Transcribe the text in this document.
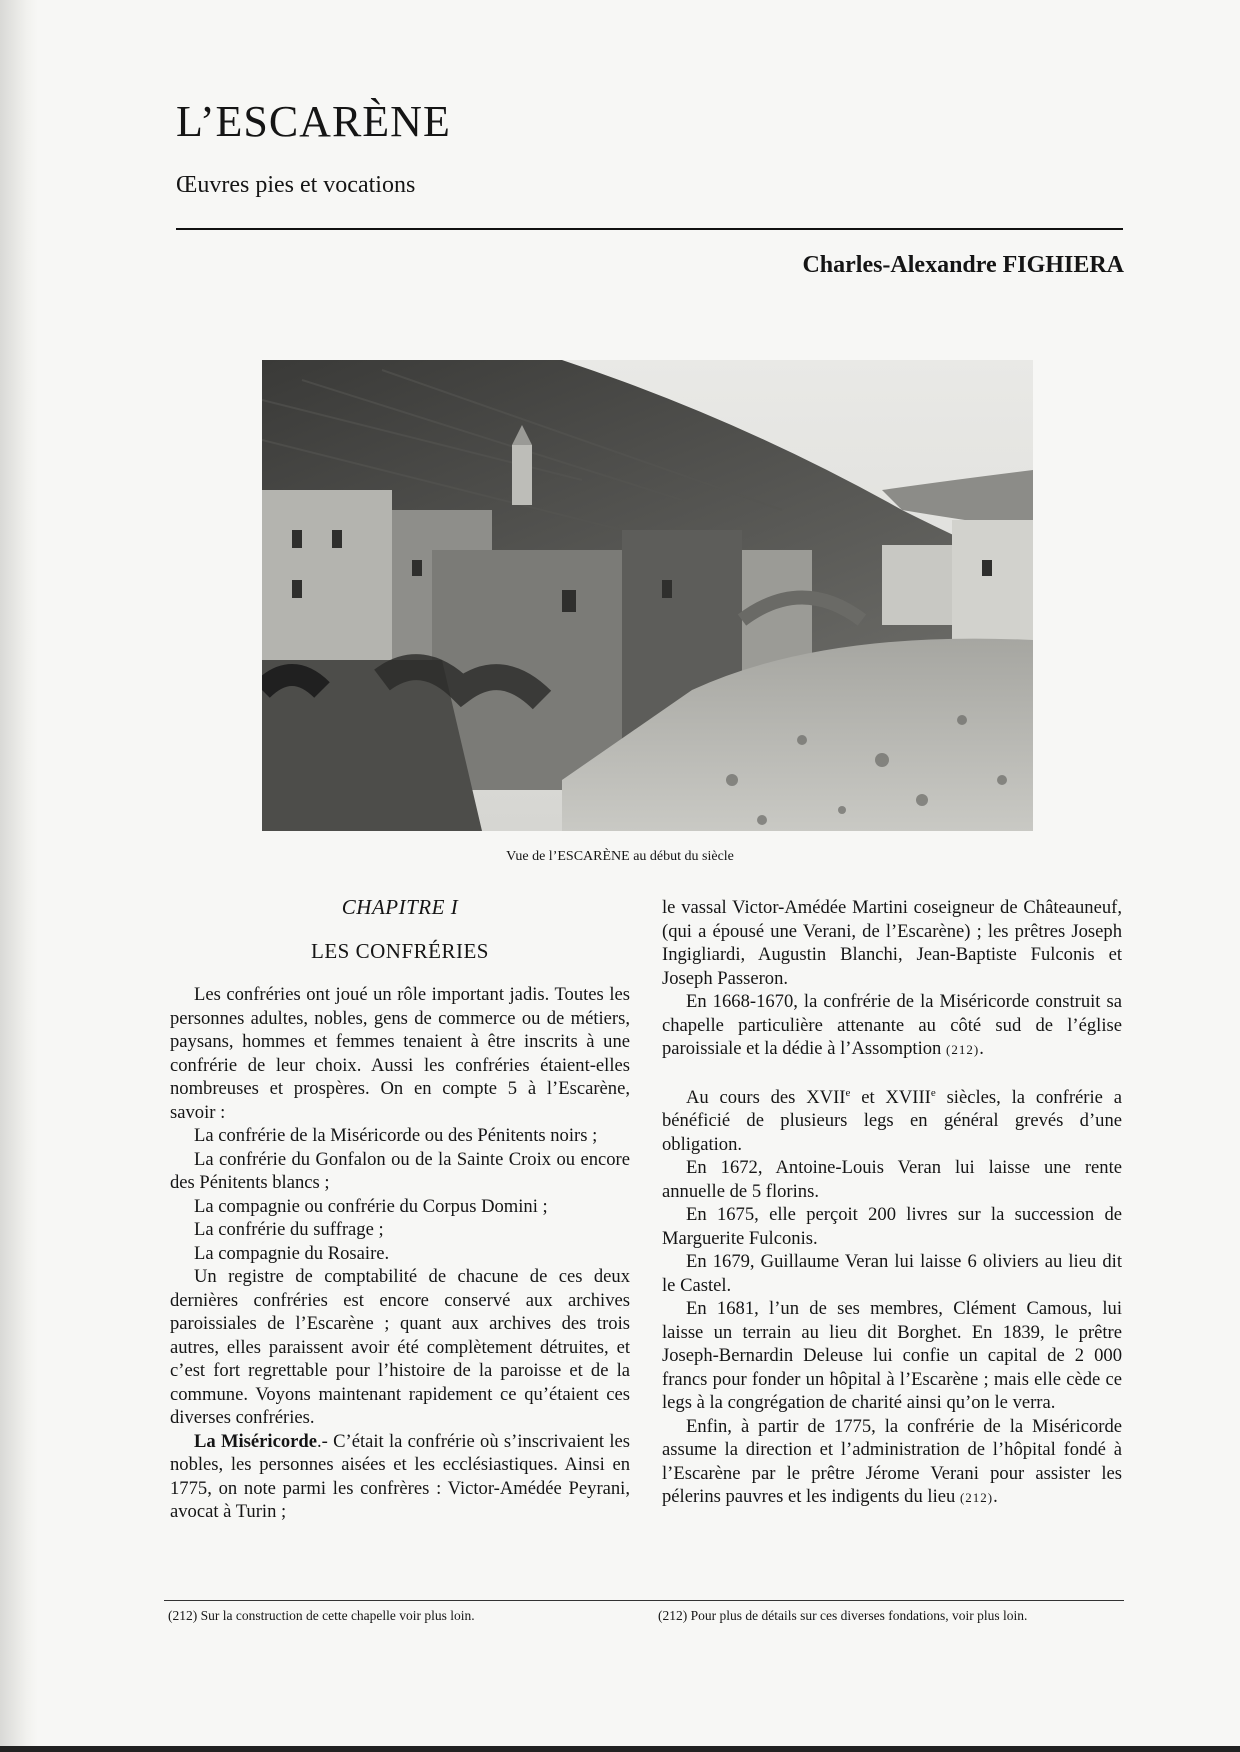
L’ESCARÈNE

Œuvres pies et vocations

Charles-Alexandre FIGHIERA

Vue de l’ESCARÈNE au début du siècle

CHAPITRE I

LES CONFRÉRIES

Les confréries ont joué un rôle important jadis. Toutes les personnes adultes, nobles, gens de commerce ou de métiers, paysans, hommes et femmes tenaient à être inscrits à une confrérie de leur choix. Aussi les confréries étaient-elles nombreuses et prospères. On en compte 5 à l’Escarène, savoir :

La confrérie de la Miséricorde ou des Pénitents noirs ;

La confrérie du Gonfalon ou de la Sainte Croix ou encore des Pénitents blancs ;

La compagnie ou confrérie du Corpus Domini ;

La confrérie du suffrage ;

La compagnie du Rosaire.

Un registre de comptabilité de chacune de ces deux dernières confréries est encore conservé aux archives paroissiales de l’Escarène ; quant aux archives des trois autres, elles paraissent avoir été complètement détruites, et c’est fort regrettable pour l’histoire de la paroisse et de la commune. Voyons maintenant rapidement ce qu’étaient ces diverses confréries.

La Miséricorde.- C’était la confrérie où s’inscrivaient les nobles, les personnes aisées et les ecclésiastiques. Ainsi en 1775, on note parmi les confrères : Victor-Amédée Peyrani, avocat à Turin ;

le vassal Victor-Amédée Martini coseigneur de Châteauneuf, (qui a épousé une Verani, de l’Escarène) ; les prêtres Joseph Ingigliardi, Augustin Blanchi, Jean-Baptiste Fulconis et Joseph Passeron.

En 1668-1670, la confrérie de la Miséricorde construit sa chapelle particulière attenante au côté sud de l’église paroissiale et la dédie à l’Assomption (212).

Au cours des XVIIe et XVIIIe siècles, la confrérie a bénéficié de plusieurs legs en général grevés d’une obligation.

En 1672, Antoine-Louis Veran lui laisse une rente annuelle de 5 florins.

En 1675, elle perçoit 200 livres sur la succession de Marguerite Fulconis.

En 1679, Guillaume Veran lui laisse 6 oliviers au lieu dit le Castel.

En 1681, l’un de ses membres, Clément Camous, lui laisse un terrain au lieu dit Borghet. En 1839, le prêtre Joseph-Bernardin Deleuse lui confie un capital de 2 000 francs pour fonder un hôpital à l’Escarène ; mais elle cède ce legs à la congrégation de charité ainsi qu’on le verra.

Enfin, à partir de 1775, la confrérie de la Miséricorde assume la direction et l’administration de l’hôpital fondé à l’Escarène par le prêtre Jérome Verani pour assister les pélerins pauvres et les indigents du lieu (212).

(212) Sur la construction de cette chapelle voir plus loin.	(212) Pour plus de détails sur ces diverses fondations, voir plus loin.
